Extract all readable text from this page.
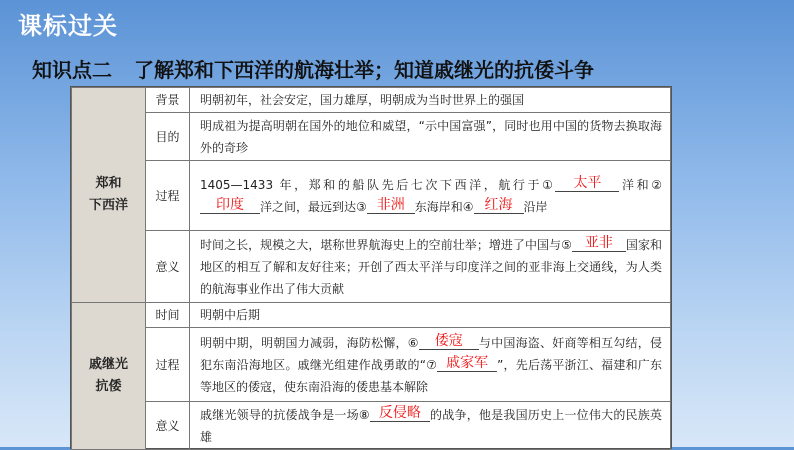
课标过关
知识点二 了解郑和下西洋的航海壮举；知道戚继光的抗倭斗争
郑和
下西洋	背景	明朝初年，社会安定，国力雄厚，明朝成为当时世界上的强国
	目的	明成祖为提高明朝在国外的地位和威望，“示中国富强”，同时也用中国的货物去换取海外的奇珍
	过程	1405—1433 年，郑和的船队先后七次下西洋，航行于① 太平 洋和②印度 洋之间，最远到达③ 非洲 东海岸和④ 红海 沿岸
	意义	时间之长，规模之大，堪称世界航海史上的空前壮举；增进了中国与⑤ 亚非 国家和地区的相互了解和友好往来；开创了西太平洋与印度洋之间的亚非海上交通线，为人类的航海事业作出了伟大贡献
戚继光
抗倭	时间	明朝中后期
	过程	明朝中期，明朝国力减弱，海防松懈，⑥ 倭寇 与中国海盗、奸商等相互勾结，侵犯东南沿海地区。戚继光组建作战勇敢的“⑦ 戚家军 ”，先后荡平浙江、福建和广东等地区的倭寇，使东南沿海的倭患基本解除
	意义	戚继光领导的抗倭战争是一场⑧ 反侵略 的战争，他是我国历史上一位伟大的民族英雄
